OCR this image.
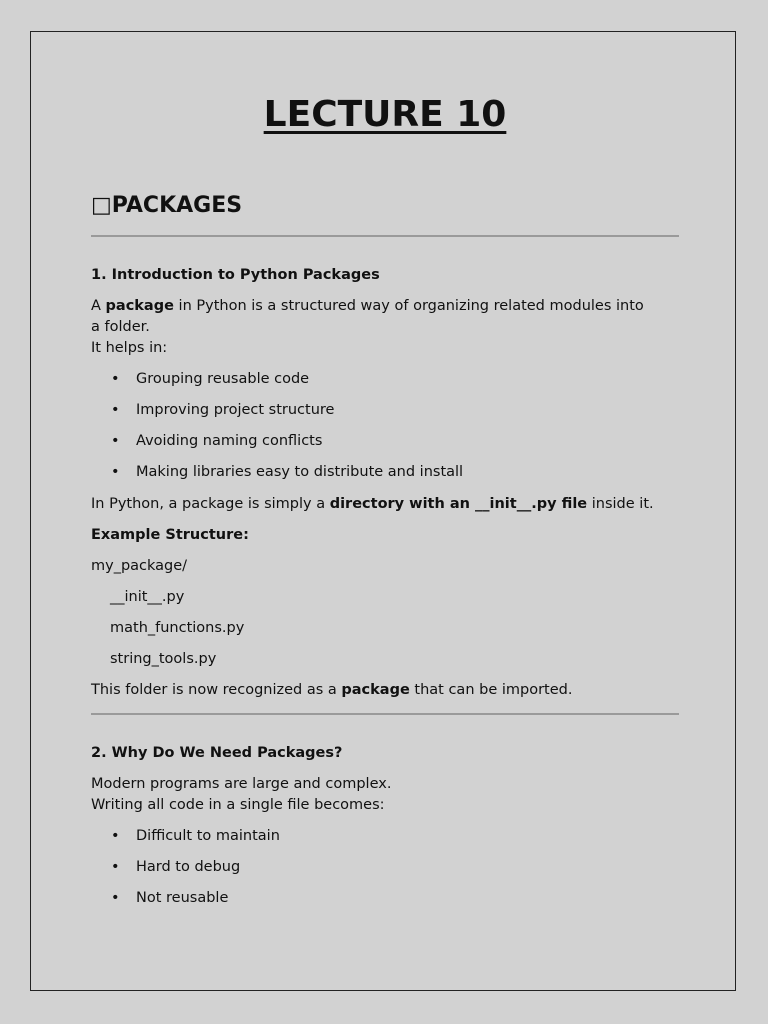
LECTURE 10
□PACKAGES
1. Introduction to Python Packages
A package in Python is a structured way of organizing related modules into
a folder.
It helps in:
• Grouping reusable code
• Improving project structure
• Avoiding naming conflicts
• Making libraries easy to distribute and install
In Python, a package is simply a directory with an __init__.py file inside it.
Example Structure:
my_package/
__init__.py
math_functions.py
string_tools.py
This folder is now recognized as a package that can be imported.
2. Why Do We Need Packages?
Modern programs are large and complex.
Writing all code in a single file becomes:
• Difficult to maintain
• Hard to debug
• Not reusable
